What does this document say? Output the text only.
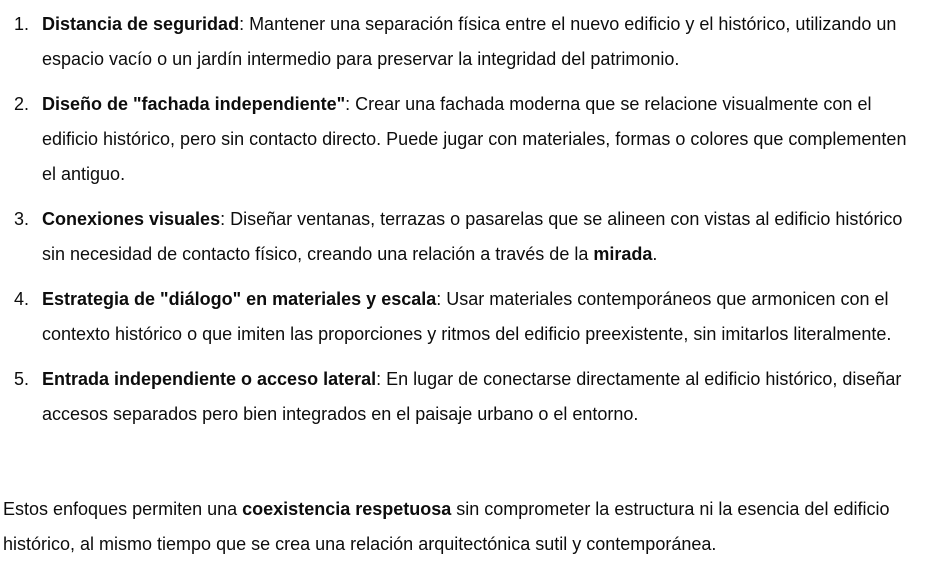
1. Distancia de seguridad: Mantener una separación física entre el nuevo edificio y el histórico, utilizando un espacio vacío o un jardín intermedio para preservar la integridad del patrimonio.
2. Diseño de "fachada independiente": Crear una fachada moderna que se relacione visualmente con el edificio histórico, pero sin contacto directo. Puede jugar con materiales, formas o colores que complementen el antiguo.
3. Conexiones visuales: Diseñar ventanas, terrazas o pasarelas que se alineen con vistas al edificio histórico sin necesidad de contacto físico, creando una relación a través de la mirada.
4. Estrategia de "diálogo" en materiales y escala: Usar materiales contemporáneos que armonicen con el contexto histórico o que imiten las proporciones y ritmos del edificio preexistente, sin imitarlos literalmente.
5. Entrada independiente o acceso lateral: En lugar de conectarse directamente al edificio histórico, diseñar accesos separados pero bien integrados en el paisaje urbano o el entorno.

Estos enfoques permiten una coexistencia respetuosa sin comprometer la estructura ni la esencia del edificio histórico, al mismo tiempo que se crea una relación arquitectónica sutil y contemporánea.
